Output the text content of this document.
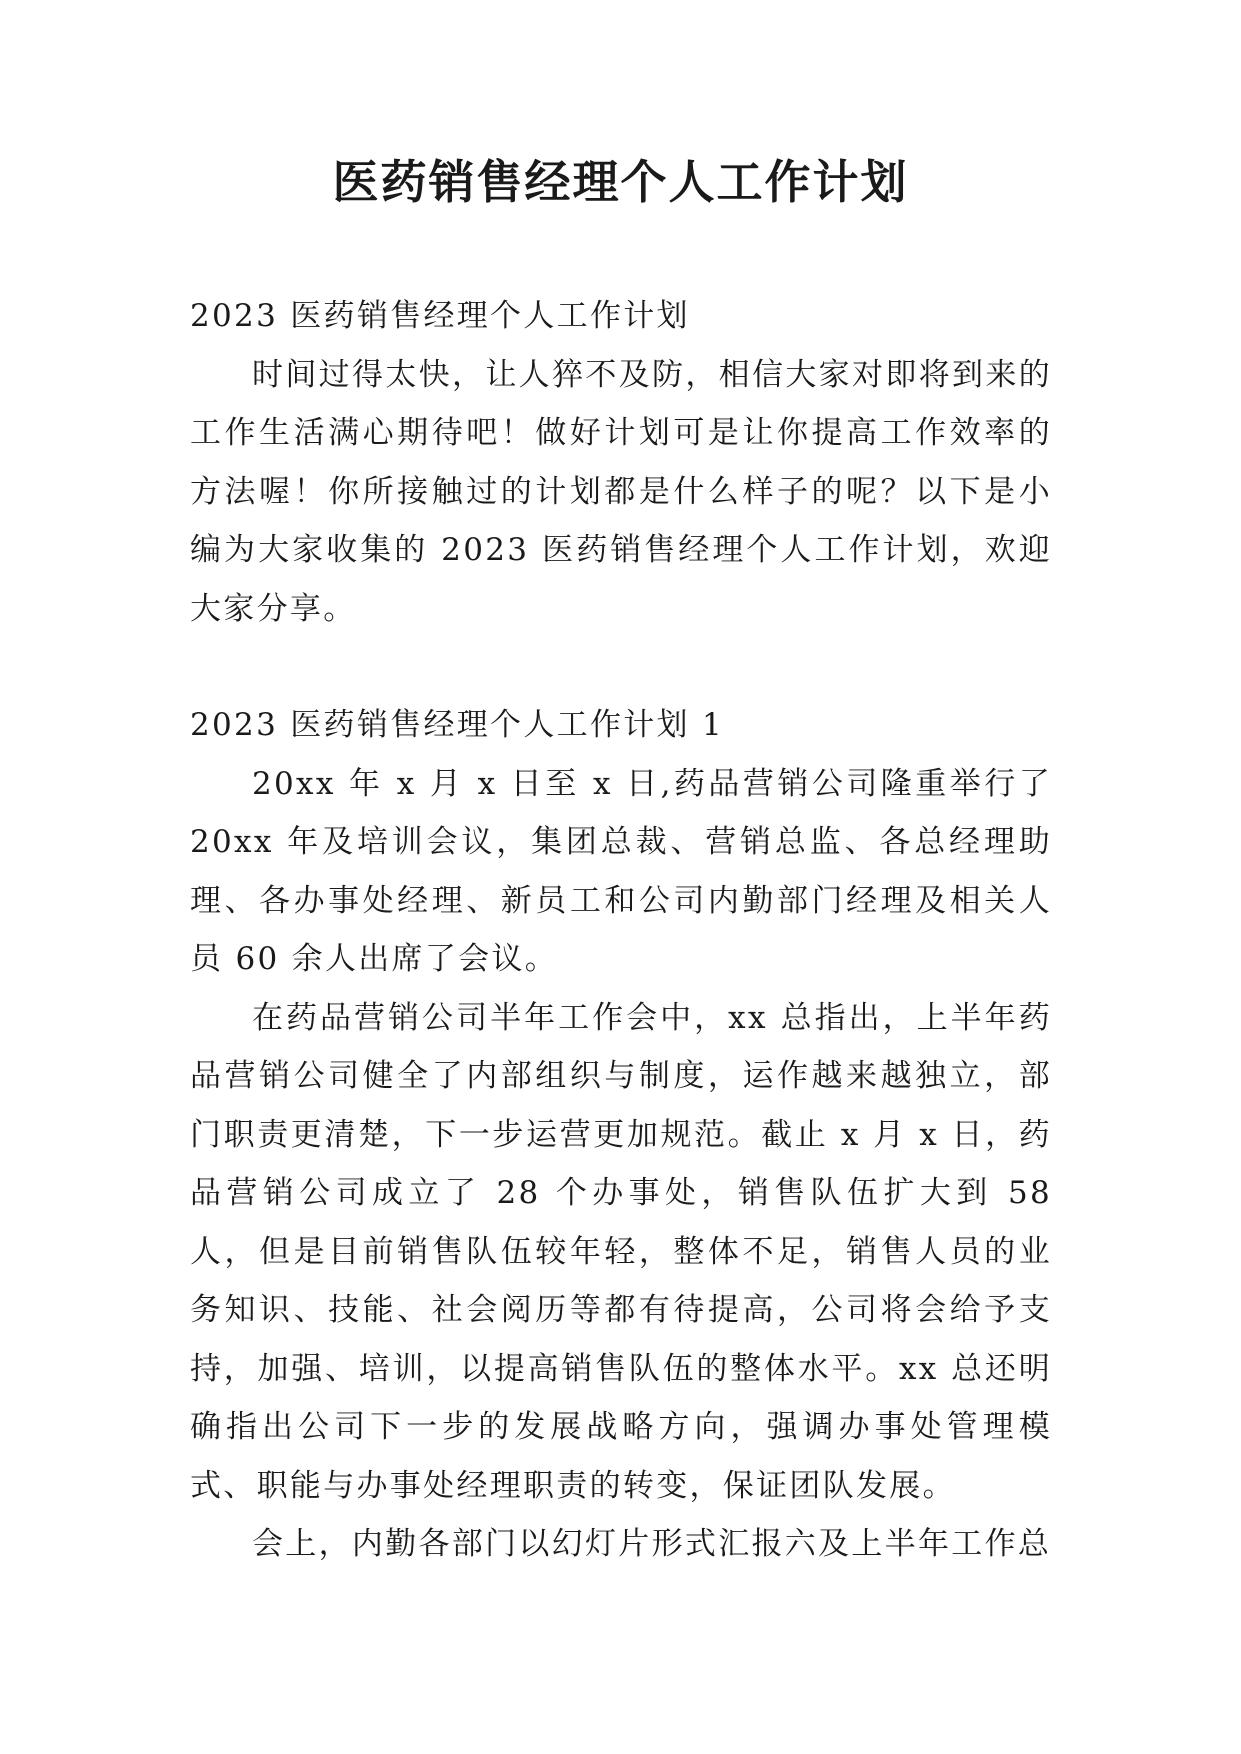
医药销售经理个人工作计划

2023 医药销售经理个人工作计划

时间过得太快，让人猝不及防，相信大家对即将到来的工作生活满心期待吧！做好计划可是让你提高工作效率的方法喔！你所接触过的计划都是什么样子的呢？以下是小编为大家收集的 2023 医药销售经理个人工作计划，欢迎大家分享。

2023 医药销售经理个人工作计划 1

20xx 年 x 月 x 日至 x 日,药品营销公司隆重举行了 20xx 年及培训会议，集团总裁、营销总监、各总经理助理、各办事处经理、新员工和公司内勤部门经理及相关人员 60 余人出席了会议。

在药品营销公司半年工作会中，xx 总指出，上半年药品营销公司健全了内部组织与制度，运作越来越独立，部门职责更清楚，下一步运营更加规范。截止 x 月 x 日，药品营销公司成立了 28 个办事处，销售队伍扩大到 58 人，但是目前销售队伍较年轻，整体不足，销售人员的业务知识、技能、社会阅历等都有待提高，公司将会给予支持，加强、培训，以提高销售队伍的整体水平。xx 总还明确指出公司下一步的发展战略方向，强调办事处管理模式、职能与办事处经理职责的转变，保证团队发展。

会上，内勤各部门以幻灯片形式汇报六及上半年工作总
